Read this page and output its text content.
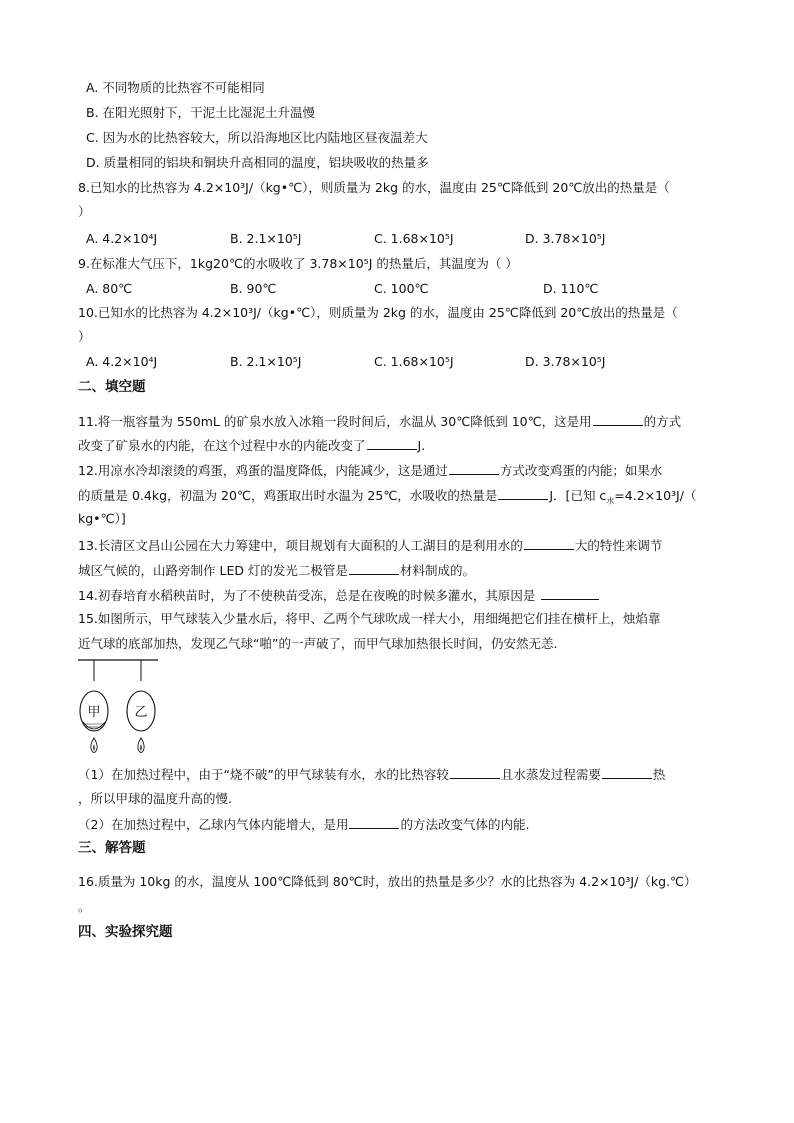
A. 不同物质的比热容不可能相同
B. 在阳光照射下，干泥土比湿泥土升温慢
C. 因为水的比热容较大，所以沿海地区比内陆地区昼夜温差大
D. 质量相同的铝块和铜块升高相同的温度，铝块吸收的热量多
8.已知水的比热容为 4.2×10³J/（kg•℃），则质量为 2kg 的水，温度由 25℃降低到 20℃放出的热量是（
）
A. 4.2×10⁴J	B. 2.1×10⁵J	C. 1.68×10⁵J	D. 3.78×10⁵J
9.在标准大气压下，1kg20℃的水吸收了 3.78×10⁵J 的热量后，其温度为（ ）
A. 80℃	B. 90℃	C. 100℃	D. 110℃
10.已知水的比热容为 4.2×10³J/（kg•℃），则质量为 2kg 的水，温度由 25℃降低到 20℃放出的热量是（
）
A. 4.2×10⁴J	B. 2.1×10⁵J	C. 1.68×10⁵J	D. 3.78×10⁵J
二、填空题
11.将一瓶容量为 550mL 的矿泉水放入冰箱一段时间后，水温从 30℃降低到 10℃，这是用	的方式
改变了矿泉水的内能，在这个过程中水的内能改变了	J.
12.用凉水冷却滚烫的鸡蛋，鸡蛋的温度降低，内能减少，这是通过	方式改变鸡蛋的内能；如果水
的质量是 0.4kg，初温为 20℃，鸡蛋取出时水温为 25℃，水吸收的热量是	J．[已知 $c_水=4.2\times 10^3J/$（
kg•℃）]
13.长清区文昌山公园在大力筹建中，项目规划有大面积的人工湖目的是利用水的	大的特性来调节
城区气候的，山路旁制作 LED 灯的发光二极管是	材料制成的。
14.初春培育水稻秧苗时，为了不使秧苗受冻，总是在夜晚的时候多灌水，其原因是
15.如图所示，甲气球装入少量水后，将甲、乙两个气球吹成一样大小，用细绳把它们挂在横杆上，烛焰靠
近气球的底部加热，发现乙气球“啪”的一声破了，而甲气球加热很长时间，仍安然无恙.
甲	乙
（1）在加热过程中，由于“烧不破”的甲气球装有水，水的比热容较	且水蒸发过程需要	热
，所以甲球的温度升高的慢.
（2）在加热过程中，乙球内气体内能增大，是用	的方法改变气体的内能.
三、解答题
16.质量为 10kg 的水，温度从 100℃降低到 80℃时，放出的热量是多少？水的比热容为 4.2×10³J/（kg.℃）
。
四、实验探究题
